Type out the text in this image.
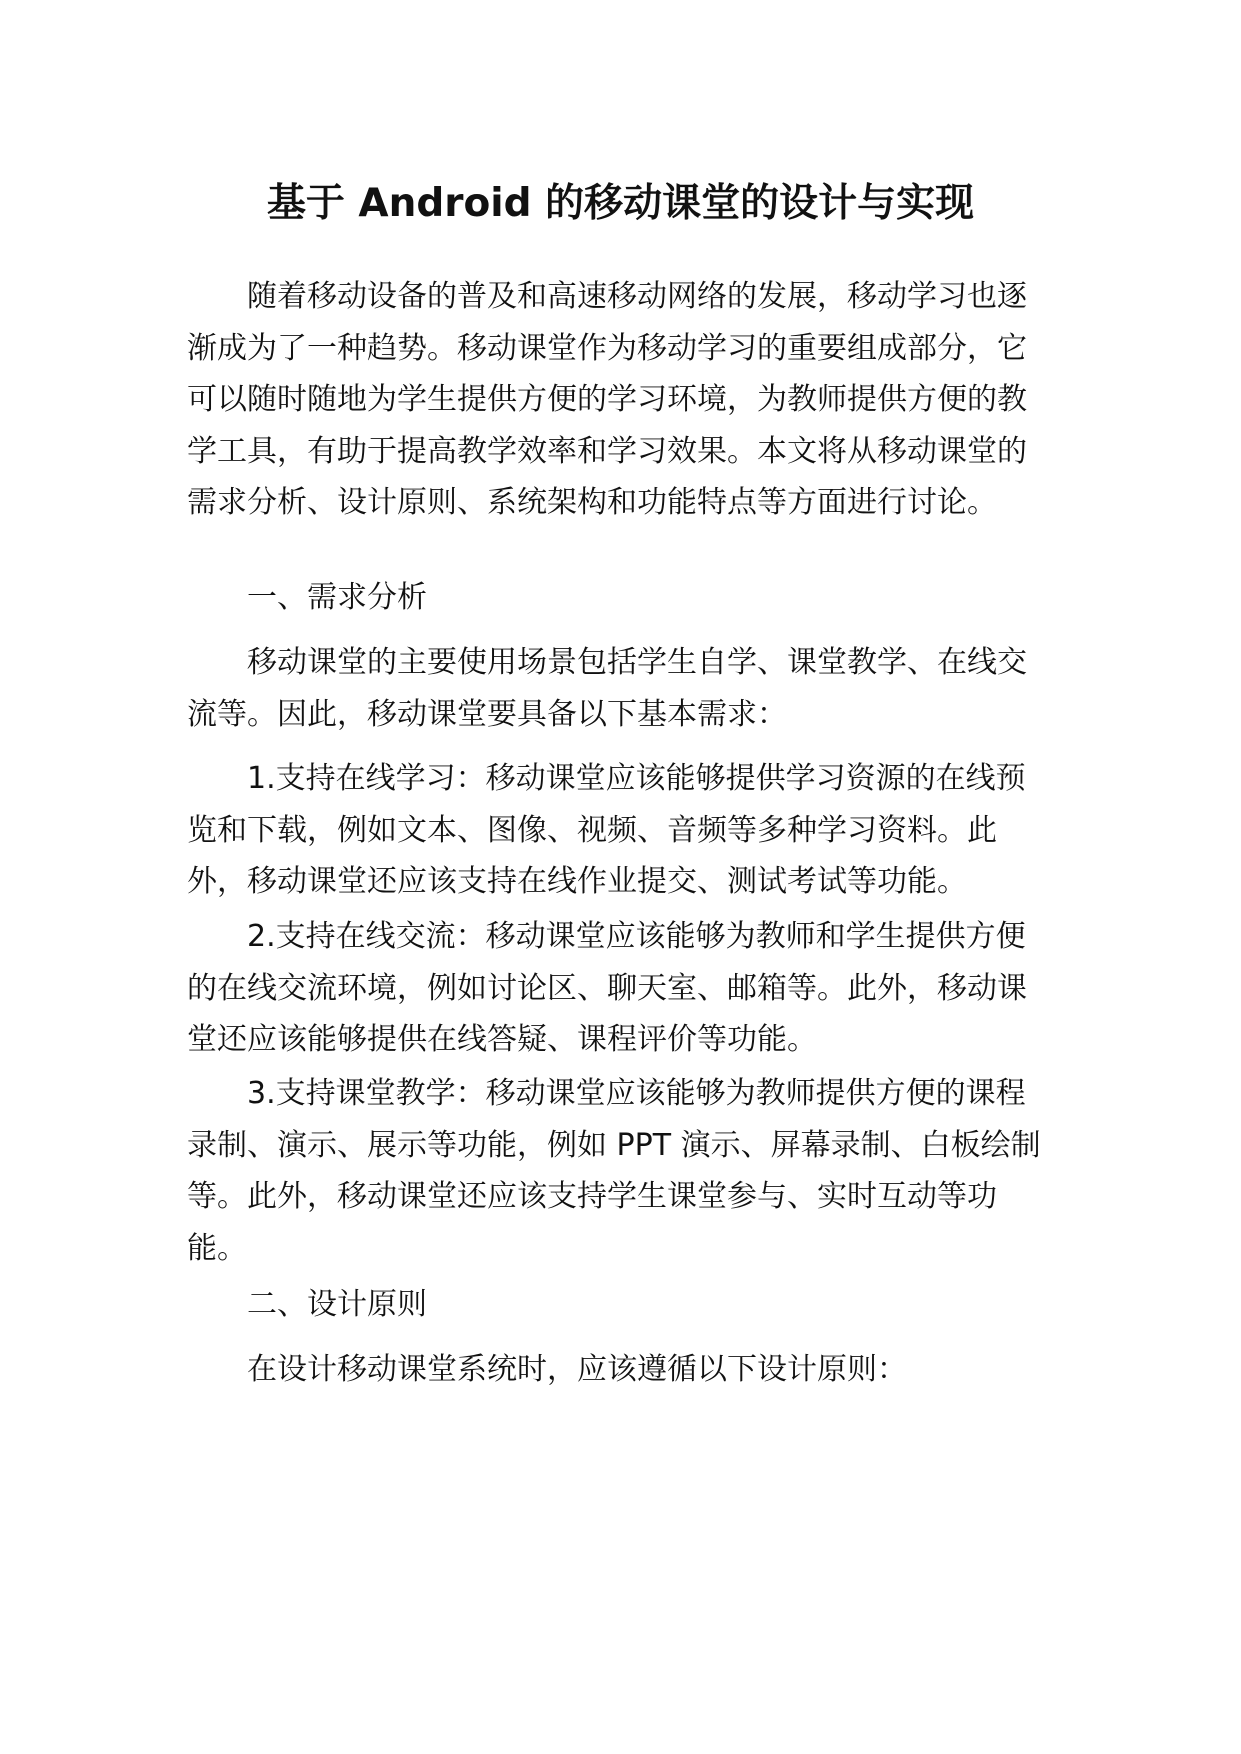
基于 Android 的移动课堂的设计与实现

随着移动设备的普及和高速移动网络的发展，移动学习也逐渐成为了一种趋势。移动课堂作为移动学习的重要组成部分，它可以随时随地为学生提供方便的学习环境，为教师提供方便的教学工具，有助于提高教学效率和学习效果。本文将从移动课堂的需求分析、设计原则、系统架构和功能特点等方面进行讨论。

一、需求分析

移动课堂的主要使用场景包括学生自学、课堂教学、在线交流等。因此，移动课堂要具备以下基本需求：

1.支持在线学习：移动课堂应该能够提供学习资源的在线预览和下载，例如文本、图像、视频、音频等多种学习资料。此外，移动课堂还应该支持在线作业提交、测试考试等功能。

2.支持在线交流：移动课堂应该能够为教师和学生提供方便的在线交流环境，例如讨论区、聊天室、邮箱等。此外，移动课堂还应该能够提供在线答疑、课程评价等功能。

3.支持课堂教学：移动课堂应该能够为教师提供方便的课程录制、演示、展示等功能，例如 PPT 演示、屏幕录制、白板绘制等。此外，移动课堂还应该支持学生课堂参与、实时互动等功能。

二、设计原则

在设计移动课堂系统时，应该遵循以下设计原则：
